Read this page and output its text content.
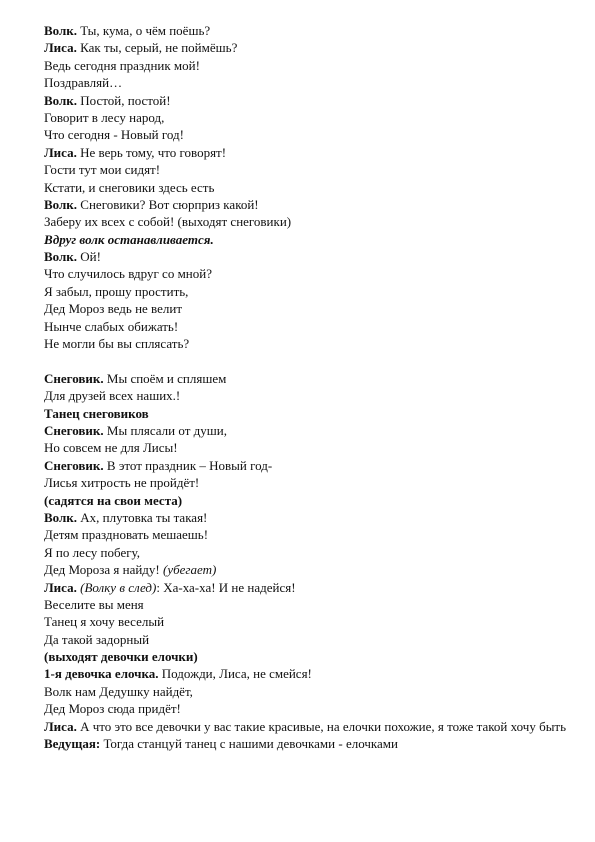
Волк. Ты, кума, о чём поёшь?
Лиса. Как ты, серый, не поймёшь?
Ведь сегодня праздник мой!
Поздравляй…
Волк. Постой, постой!
Говорит в лесу народ,
Что сегодня - Новый год!
Лиса. Не верь тому, что говорят!
Гости тут мои сидят!
Кстати, и снеговики здесь есть
Волк. Снеговики? Вот сюрприз какой!
Заберу их всех с собой! (выходят снеговики)
Вдруг волк останавливается.
Волк. Ой!
Что случилось вдруг со мной?
Я забыл, прошу простить,
Дед Мороз ведь не велит
Нынче слабых обижать!
Не могли бы вы сплясать?
Снеговик. Мы споём и спляшем
Для друзей всех наших.!
Танец снеговиков
Снеговик. Мы плясали от души,
Но совсем не для Лисы!
Снеговик. В этот праздник – Новый год-
Лисья хитрость не пройдёт!
(садятся на свои места)
Волк. Ах, плутовка ты такая!
Детям праздновать мешаешь!
Я по лесу побегу,
Дед Мороза я найду! (убегает)
Лиса. (Волку в след): Ха-ха-ха! И не надейся!
Веселите вы меня
Танец я хочу веселый
Да такой задорный
(выходят девочки елочки)
1-я девочка елочка. Подожди, Лиса, не смейся!
Волк нам Дедушку найдёт,
Дед Мороз сюда придёт!
Лиса. А что это все девочки у вас такие красивые, на елочки похожие, я тоже такой хочу быть
Ведущая: Тогда станцуй танец с нашими девочками - елочками
